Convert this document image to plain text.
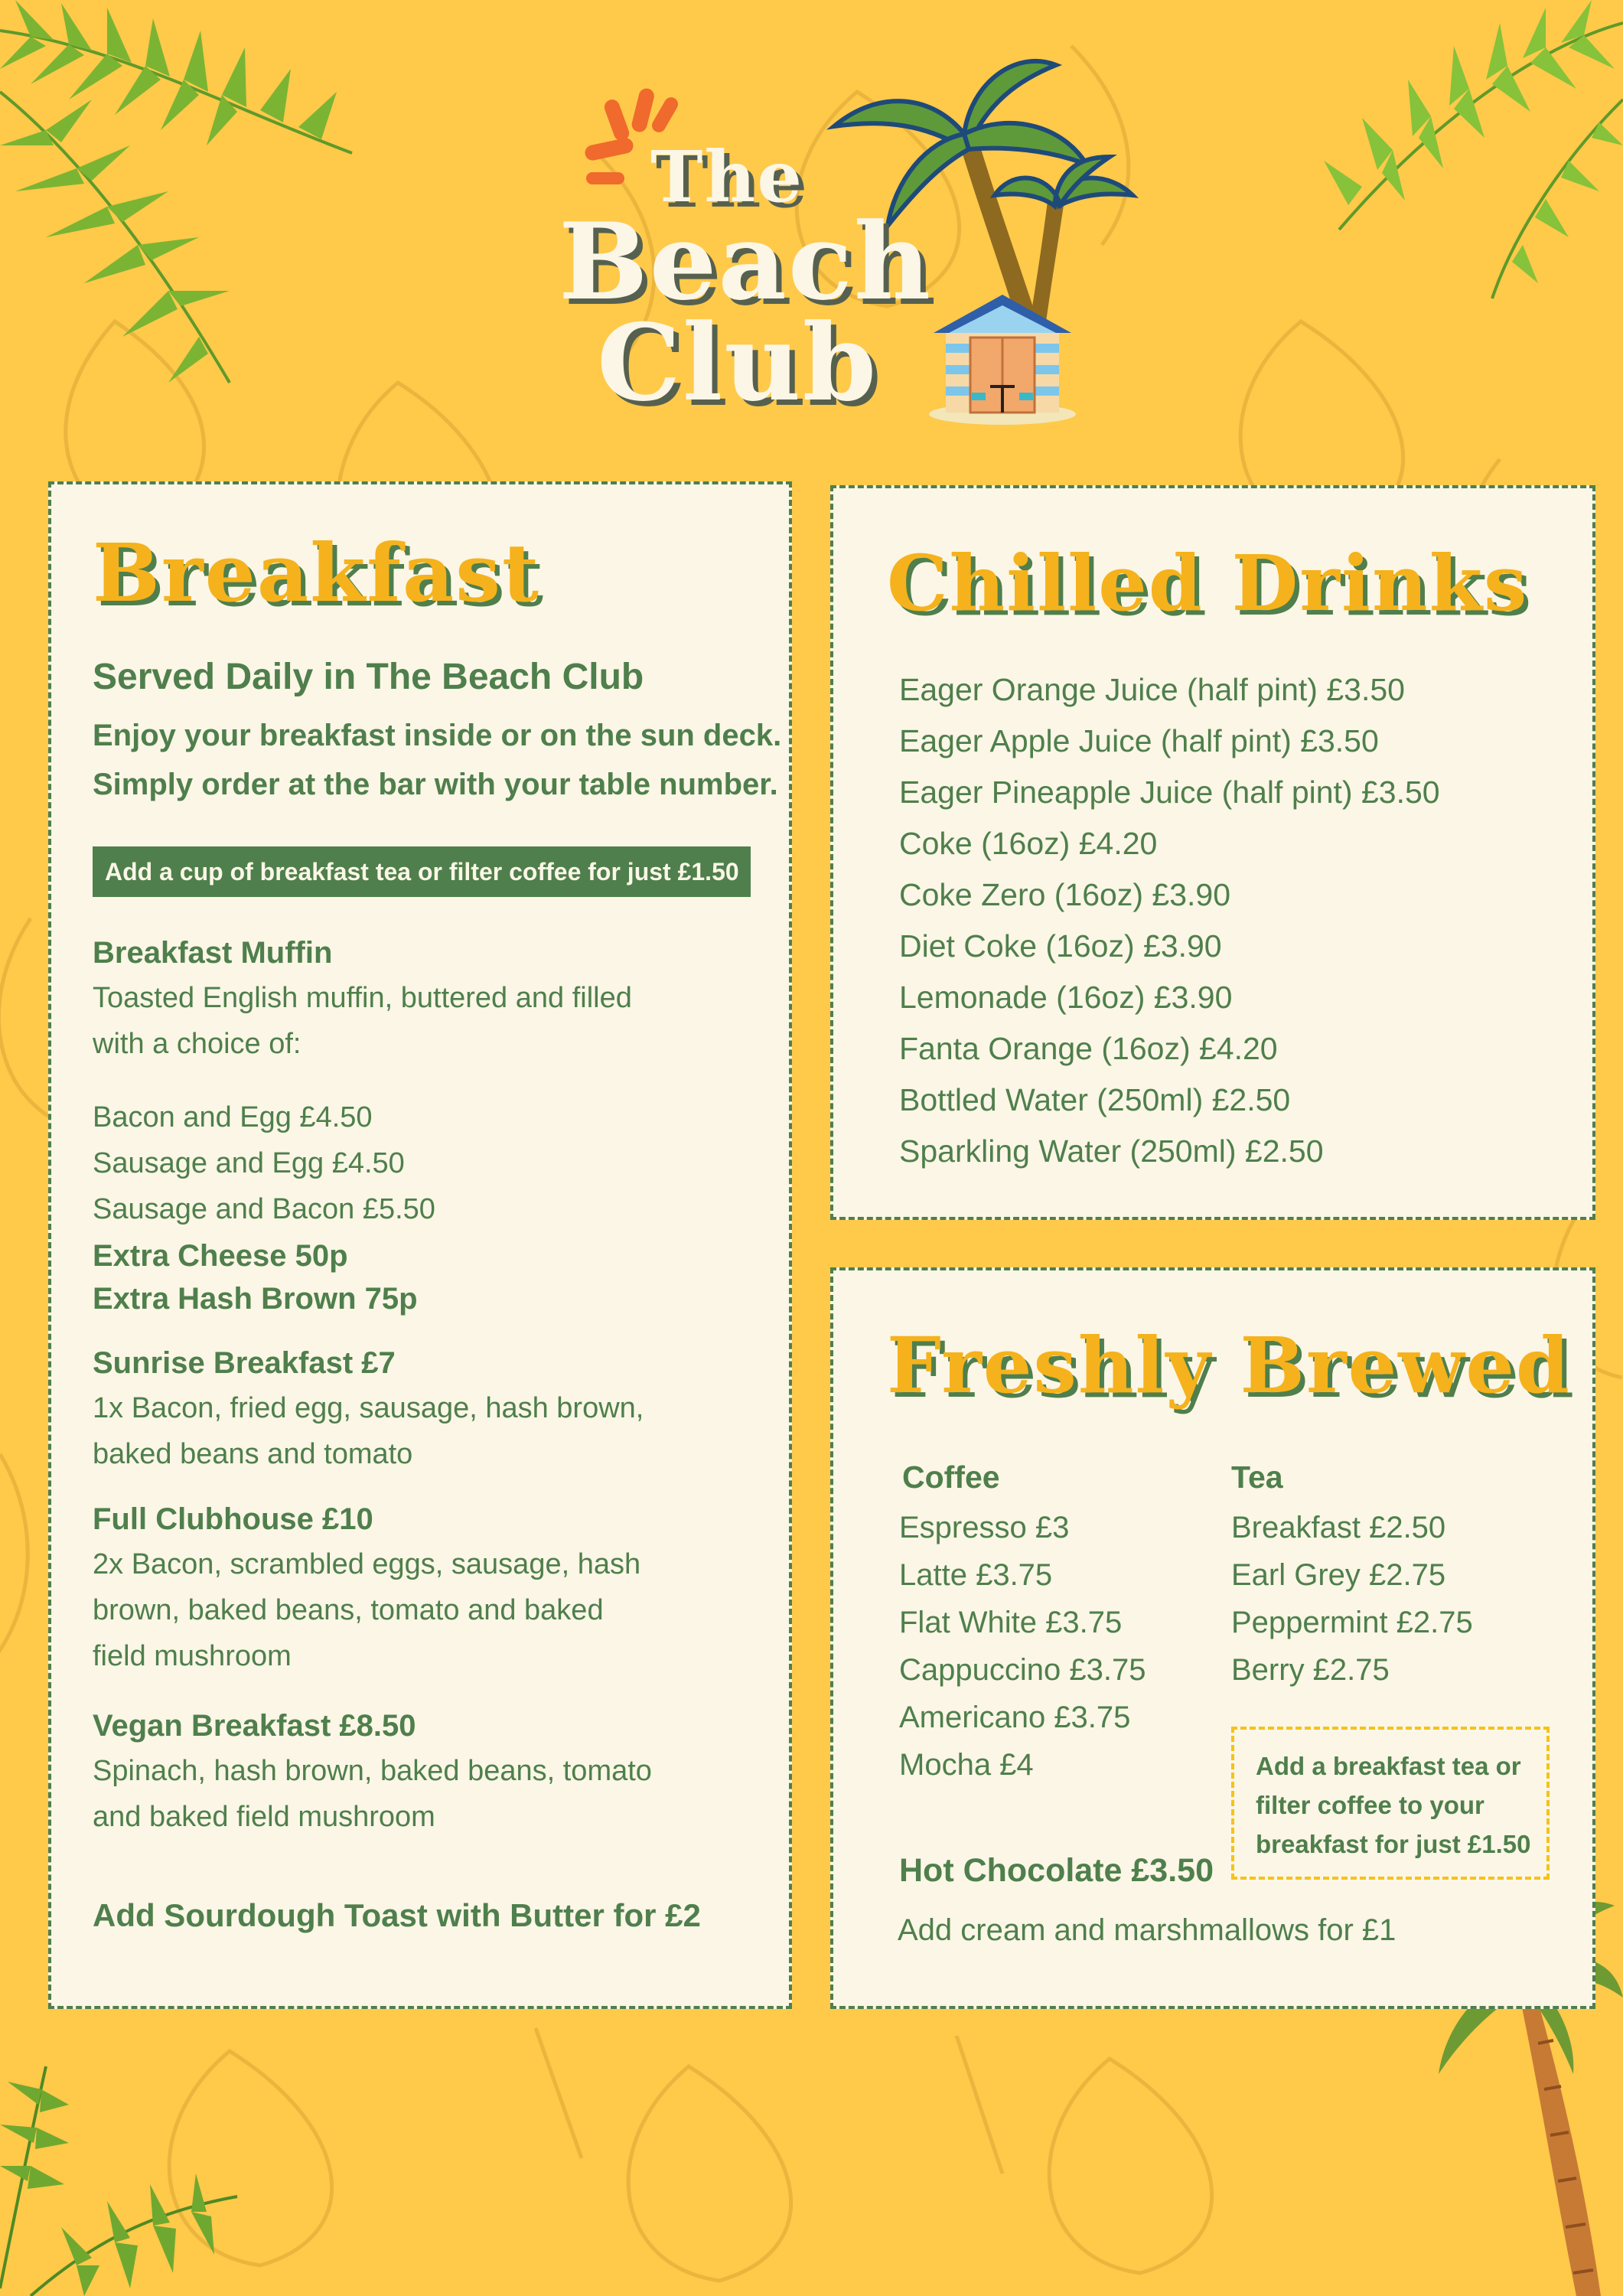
The
Beach
Club
Breakfast
Served Daily in The Beach Club
Enjoy your breakfast inside or on the sun deck.
Simply order at the bar with your table number.
Add a cup of breakfast tea or filter coffee for just £1.50
Breakfast Muffin
Toasted English muffin, buttered and filled
with a choice of:
Bacon and Egg £4.50
Sausage and Egg £4.50
Sausage and Bacon £5.50
Extra Cheese 50p
Extra Hash Brown 75p
Sunrise Breakfast £7
1x Bacon, fried egg, sausage, hash brown,
baked beans and tomato
Full Clubhouse £10
2x Bacon, scrambled eggs, sausage, hash
brown, baked beans, tomato and baked
field mushroom
Vegan Breakfast £8.50
Spinach, hash brown, baked beans, tomato
and baked field mushroom
Add Sourdough Toast with Butter for £2
Chilled Drinks
Eager Orange Juice (half pint) £3.50
Eager Apple Juice (half pint) £3.50
Eager Pineapple Juice (half pint) £3.50
Coke (16oz) £4.20
Coke Zero (16oz) £3.90
Diet Coke (16oz) £3.90
Lemonade (16oz) £3.90
Fanta Orange (16oz) £4.20
Bottled Water (250ml) £2.50
Sparkling Water (250ml) £2.50
Freshly Brewed
Coffee	Tea
Espresso £3
Latte £3.75
Flat White £3.75
Cappuccino £3.75
Americano £3.75
Mocha £4
Breakfast £2.50
Earl Grey £2.75
Peppermint £2.75
Berry £2.75
Add a breakfast tea or
filter coffee to your
breakfast for just £1.50
Hot Chocolate £3.50
Add cream and marshmallows for £1
